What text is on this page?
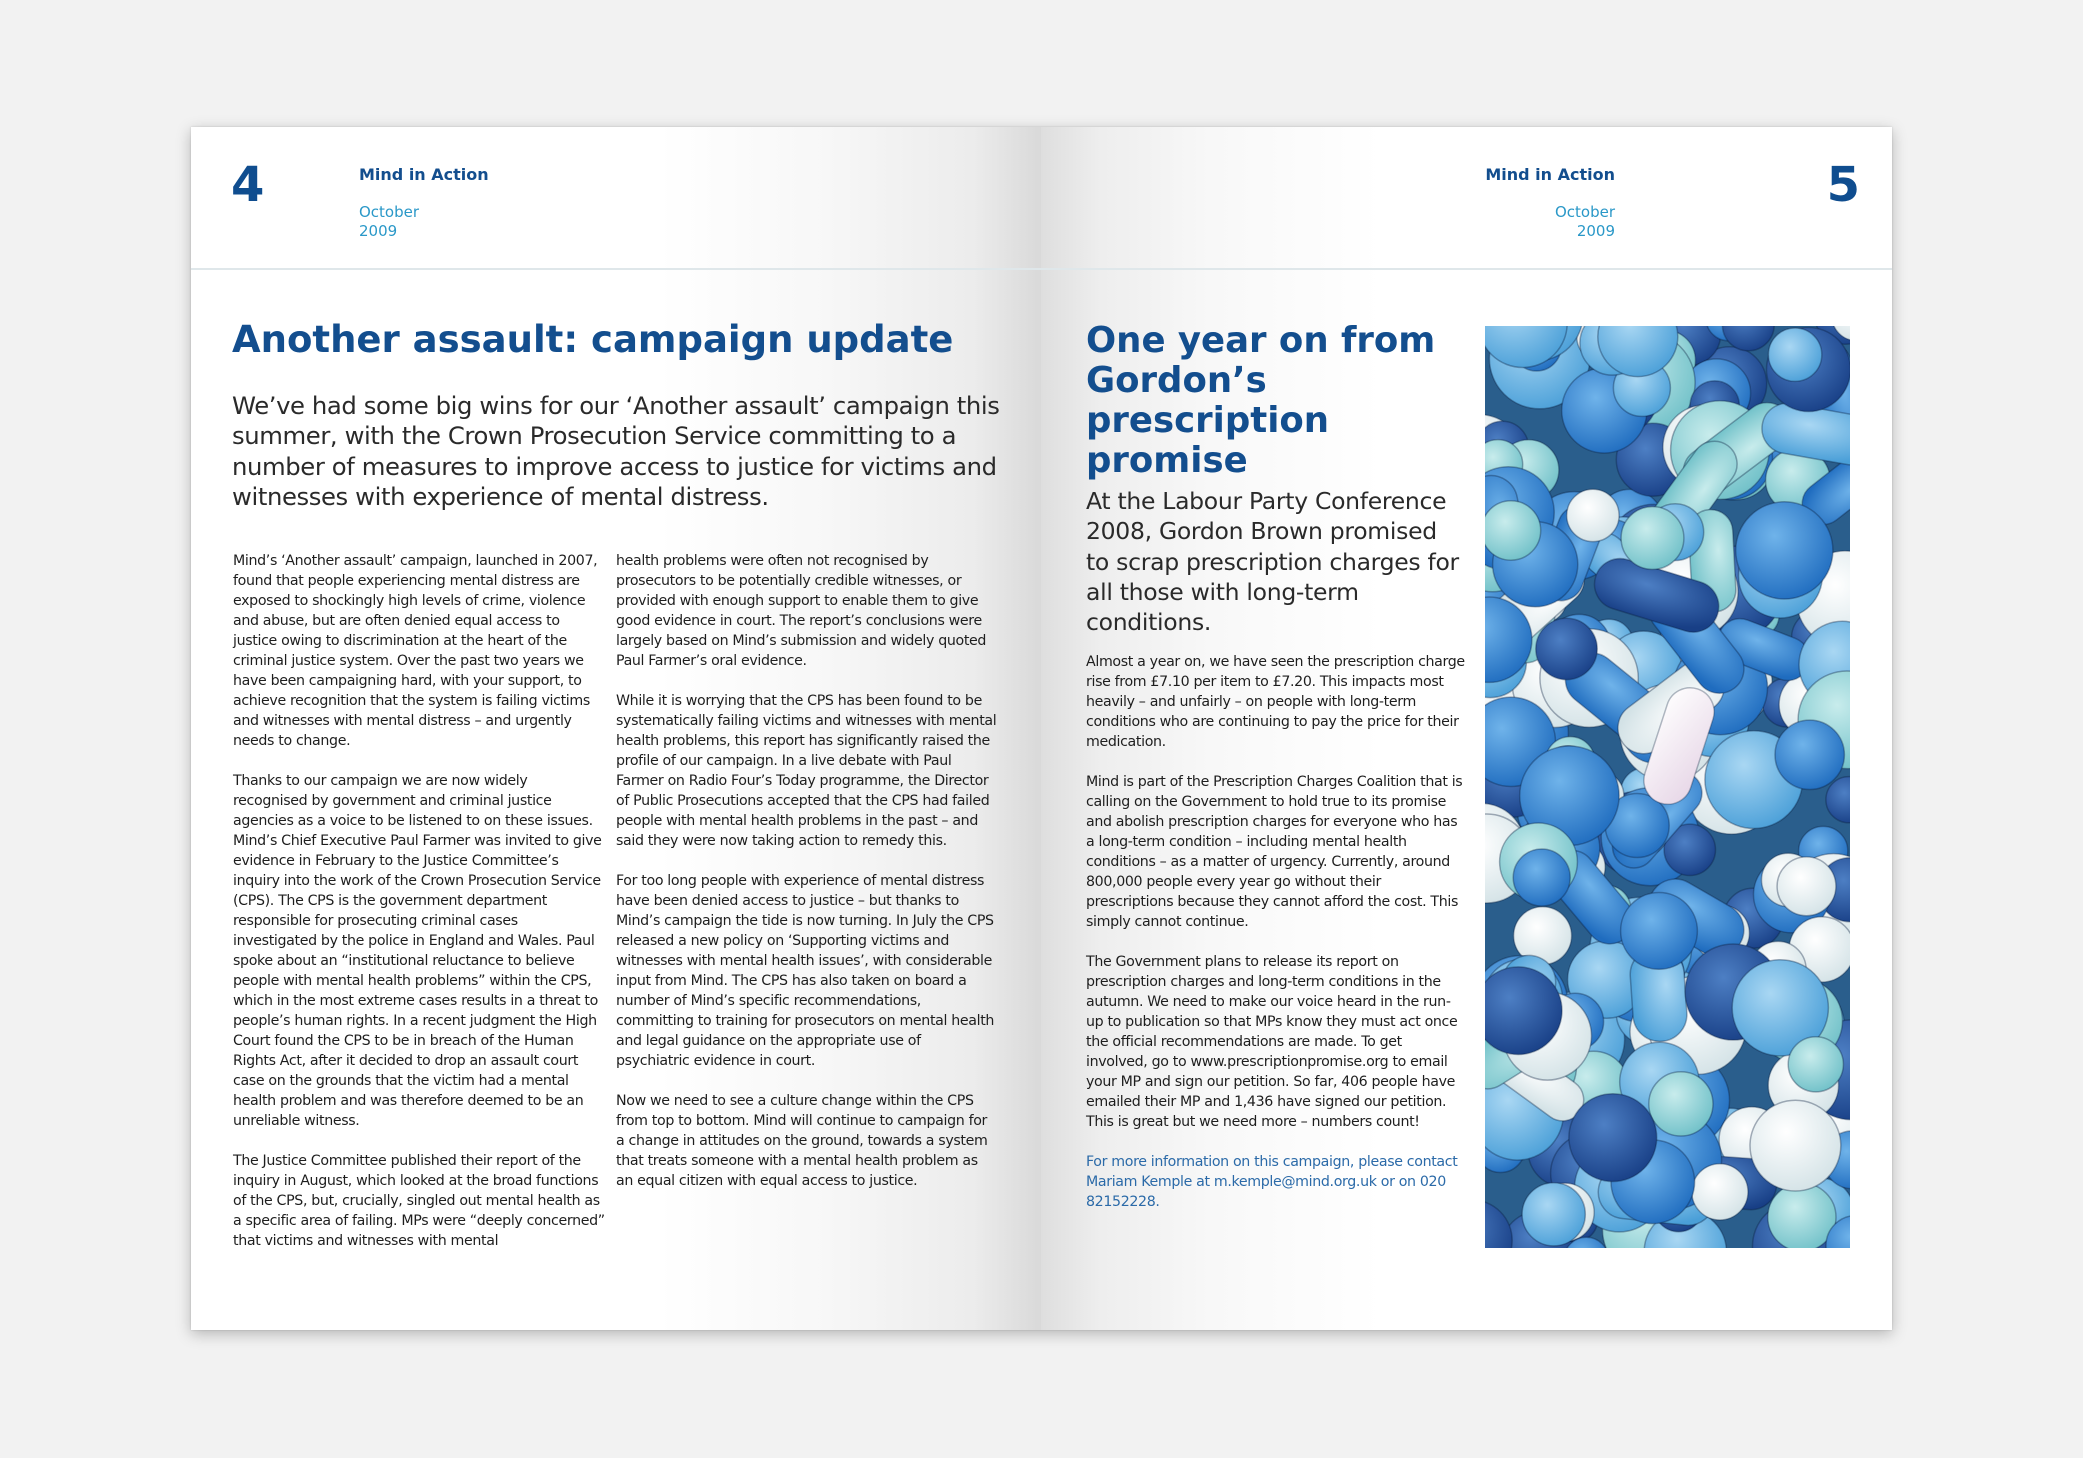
4	Mind in Action
October
2009
Another assault: campaign update

We’ve had some big wins for our ‘Another assault’ campaign this summer, with the Crown Prosecution Service committing to a number of measures to improve access to justice for victims and witnesses with experience of mental distress.

Mind’s ‘Another assault’ campaign, launched in 2007, found that people experiencing mental distress are exposed to shockingly high levels of crime, violence and abuse, but are often denied equal access to justice owing to discrimination at the heart of the criminal justice system. Over the past two years we have been campaigning hard, with your support, to achieve recognition that the system is failing victims and witnesses with mental distress – and urgently needs to change.

Thanks to our campaign we are now widely recognised by government and criminal justice agencies as a voice to be listened to on these issues. Mind’s Chief Executive Paul Farmer was invited to give evidence in February to the Justice Committee’s inquiry into the work of the Crown Prosecution Service (CPS). The CPS is the government department responsible for prosecuting criminal cases investigated by the police in England and Wales. Paul spoke about an “institutional reluctance to believe people with mental health problems” within the CPS, which in the most extreme cases results in a threat to people’s human rights. In a recent judgment the High Court found the CPS to be in breach of the Human Rights Act, after it decided to drop an assault court case on the grounds that the victim had a mental health problem and was therefore deemed to be an unreliable witness.

The Justice Committee published their report of the inquiry in August, which looked at the broad functions of the CPS, but, crucially, singled out mental health as a specific area of failing. MPs were “deeply concerned” that victims and witnesses with mental

health problems were often not recognised by prosecutors to be potentially credible witnesses, or provided with enough support to enable them to give good evidence in court. The report’s conclusions were largely based on Mind’s submission and widely quoted Paul Farmer’s oral evidence.

While it is worrying that the CPS has been found to be systematically failing victims and witnesses with mental health problems, this report has significantly raised the profile of our campaign. In a live debate with Paul Farmer on Radio Four’s Today programme, the Director of Public Prosecutions accepted that the CPS had failed people with mental health problems in the past – and said they were now taking action to remedy this.

For too long people with experience of mental distress have been denied access to justice – but thanks to Mind’s campaign the tide is now turning. In July the CPS released a new policy on ‘Supporting victims and witnesses with mental health issues’, with considerable input from Mind. The CPS has also taken on board a number of Mind’s specific recommendations, committing to training for prosecutors on mental health and legal guidance on the appropriate use of psychiatric evidence in court.

Now we need to see a culture change within the CPS from top to bottom. Mind will continue to campaign for a change in attitudes on the ground, towards a system that treats someone with a mental health problem as an equal citizen with equal access to justice.

5
Mind in Action
October
2009
One year on from Gordon’s prescription promise

At the Labour Party Conference 2008, Gordon Brown promised to scrap prescription charges for all those with long-term conditions.

Almost a year on, we have seen the prescription charge rise from £7.10 per item to £7.20. This impacts most heavily – and unfairly – on people with long-term conditions who are continuing to pay the price for their medication.

Mind is part of the Prescription Charges Coalition that is calling on the Government to hold true to its promise and abolish prescription charges for everyone who has a long-term condition – including mental health conditions – as a matter of urgency. Currently, around 800,000 people every year go without their prescriptions because they cannot afford the cost. This simply cannot continue.

The Government plans to release its report on prescription charges and long-term conditions in the autumn. We need to make our voice heard in the run-up to publication so that MPs know they must act once the official recommendations are made. To get involved, go to www.prescriptionpromise.org to email your MP and sign our petition. So far, 406 people have emailed their MP and 1,436 have signed our petition. This is great but we need more – numbers count!

For more information on this campaign, please contact Mariam Kemple at m.kemple@mind.org.uk or on 020 82152228.
